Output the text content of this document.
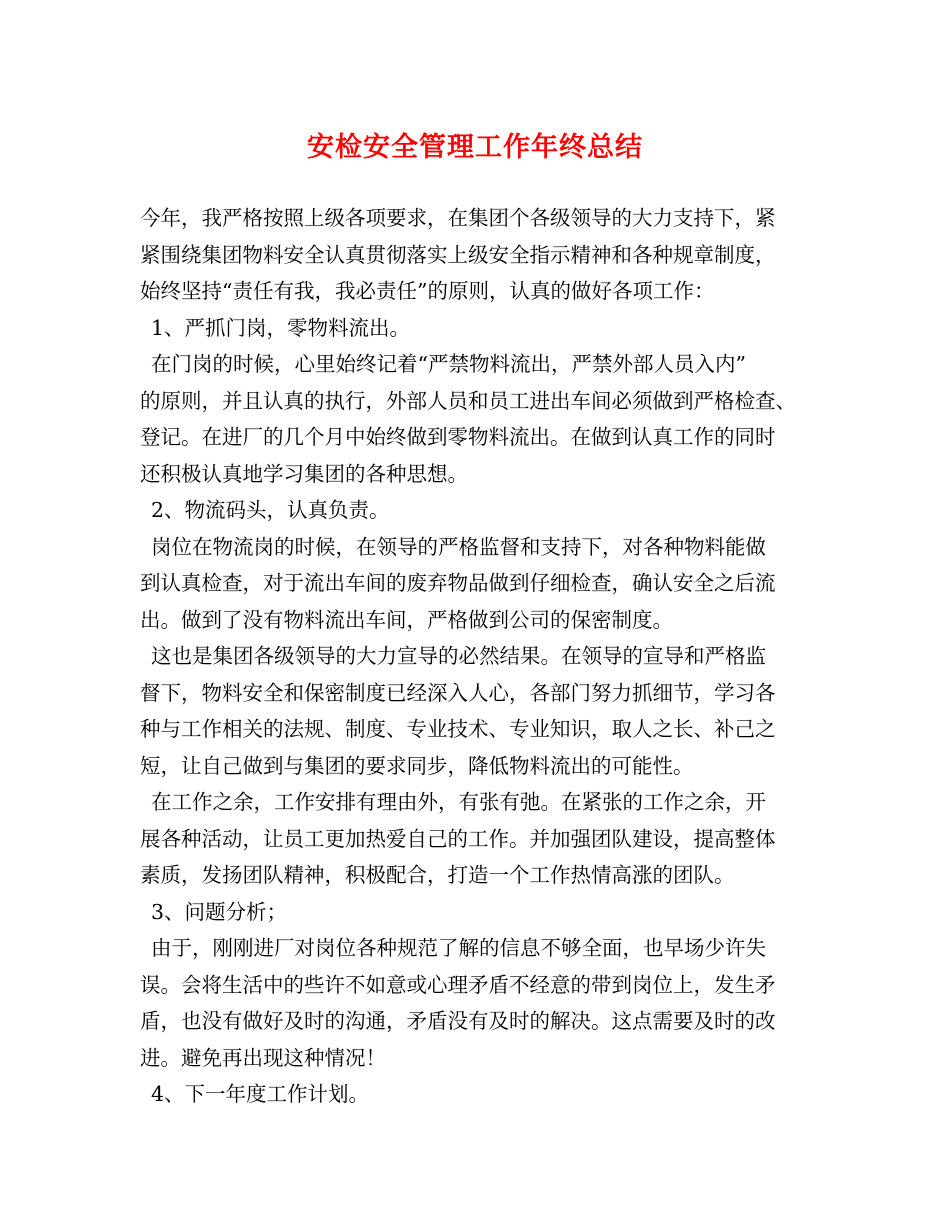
安检安全管理工作年终总结
今年，我严格按照上级各项要求，在集团个各级领导的大力支持下，紧
紧围绕集团物料安全认真贯彻落实上级安全指示精神和各种规章制度，
始终坚持“责任有我，我必责任”的原则，认真的做好各项工作：
1、严抓门岗，零物料流出。
在门岗的时候，心里始终记着“严禁物料流出，严禁外部人员入内”
的原则，并且认真的执行，外部人员和员工进出车间必须做到严格检查、
登记。在进厂的几个月中始终做到零物料流出。在做到认真工作的同时
还积极认真地学习集团的各种思想。
2、物流码头，认真负责。
岗位在物流岗的时候，在领导的严格监督和支持下，对各种物料能做
到认真检查，对于流出车间的废弃物品做到仔细检查，确认安全之后流
出。做到了没有物料流出车间，严格做到公司的保密制度。
这也是集团各级领导的大力宣导的必然结果。在领导的宣导和严格监
督下，物料安全和保密制度已经深入人心，各部门努力抓细节，学习各
种与工作相关的法规、制度、专业技术、专业知识，取人之长、补己之
短，让自己做到与集团的要求同步，降低物料流出的可能性。
在工作之余，工作安排有理由外，有张有弛。在紧张的工作之余，开
展各种活动，让员工更加热爱自己的工作。并加强团队建设，提高整体
素质，发扬团队精神，积极配合，打造一个工作热情高涨的团队。
3、问题分析；
由于，刚刚进厂对岗位各种规范了解的信息不够全面，也早场少许失
误。会将生活中的些许不如意或心理矛盾不经意的带到岗位上，发生矛
盾，也没有做好及时的沟通，矛盾没有及时的解决。这点需要及时的改
进。避免再出现这种情况！
4、下一年度工作计划。
